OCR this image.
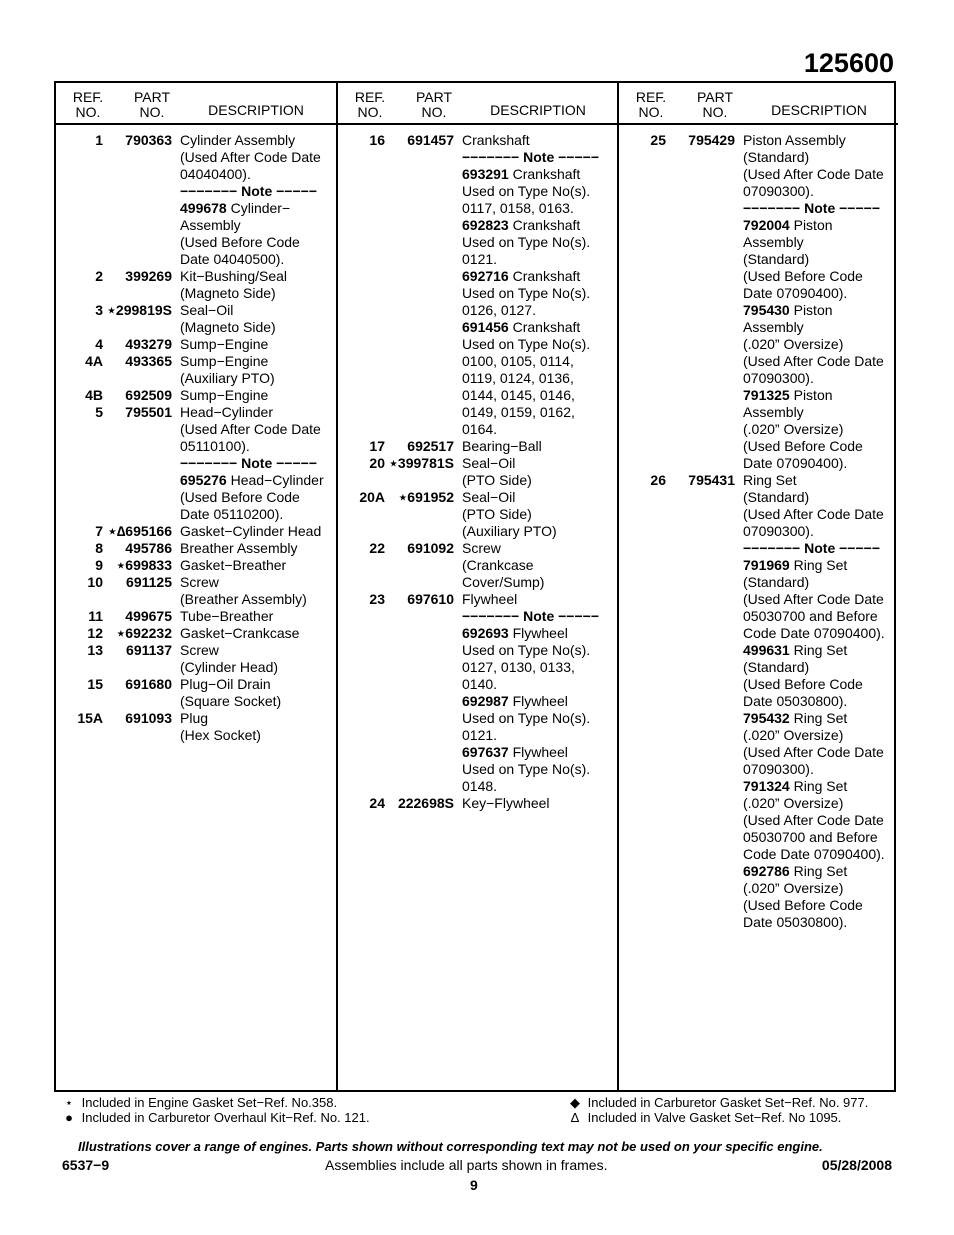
125600
REF.
NO.
PART
NO.	DESCRIPTION
1	790363 Cylinder Assembly
(Used After Code Date
04040400).
−−−−−−− Note −−−−−
499678 Cylinder−
Assembly
(Used Before Code
Date 04040500).
2	399269 Kit−Bushing/Seal
(Magneto Side)
3 ⋆299819S Seal−Oil
(Magneto Side)
4	493279 Sump−Engine
4A	493365 Sump−Engine
(Auxiliary PTO)
4B	692509 Sump−Engine
5	795501 Head−Cylinder
(Used After Code Date
05110100).
−−−−−−− Note −−−−−
695276 Head−Cylinder
(Used Before Code
Date 05110200).
7 ⋆∆695166 Gasket−Cylinder Head
8	495786 Breather Assembly
9 ⋆699833 Gasket−Breather
10	691125 Screw
(Breather Assembly)
11	499675 Tube−Breather
12 ⋆692232 Gasket−Crankcase
13	691137 Screw
(Cylinder Head)
15	691680 Plug−Oil Drain
(Square Socket)
15A	691093 Plug
(Hex Socket)
REF.
NO.
PART
NO.	DESCRIPTION
16	691457 Crankshaft
−−−−−−− Note −−−−−
693291 Crankshaft
Used on Type No(s).
0117, 0158, 0163.
692823 Crankshaft
Used on Type No(s).
0121.
692716 Crankshaft
Used on Type No(s).
0126, 0127.
691456 Crankshaft
Used on Type No(s).
0100, 0105, 0114,
0119, 0124, 0136,
0144, 0145, 0146,
0149, 0159, 0162,
0164.
17	692517 Bearing−Ball
20 ⋆399781S Seal−Oil
(PTO Side)
20A ⋆691952 Seal−Oil
(PTO Side)
(Auxiliary PTO)
22	691092 Screw
(Crankcase
Cover/Sump)
23	697610 Flywheel
−−−−−−− Note −−−−−
692693 Flywheel
Used on Type No(s).
0127, 0130, 0133,
0140.
692987 Flywheel
Used on Type No(s).
0121.
697637 Flywheel
Used on Type No(s).
0148.
24 222698S Key−Flywheel
REF.
NO.
PART
NO.	DESCRIPTION
25	795429 Piston Assembly
(Standard)
(Used After Code Date
07090300).
−−−−−−− Note −−−−−
792004 Piston
Assembly
(Standard)
(Used Before Code
Date 07090400).
795430 Piston
Assembly
(.020” Oversize)
(Used After Code Date
07090300).
791325 Piston
Assembly
(.020” Oversize)
(Used Before Code
Date 07090400).
26	795431 Ring Set
(Standard)
(Used After Code Date
07090300).
−−−−−−− Note −−−−−
791969 Ring Set
(Standard)
(Used After Code Date
05030700 and Before
Code Date 07090400).
499631 Ring Set
(Standard)
(Used Before Code
Date 05030800).
795432 Ring Set
(.020” Oversize)
(Used After Code Date
07090300).
791324 Ring Set
(.020” Oversize)
(Used After Code Date
05030700 and Before
Code Date 07090400).
692786 Ring Set
(.020” Oversize)
(Used Before Code
Date 05030800).
⋆ Included in Engine Gasket Set−Ref. No.358.
● Included in Carburetor Overhaul Kit−Ref. No. 121.
◆ Included in Carburetor Gasket Set−Ref. No. 977.
∆ Included in Valve Gasket Set−Ref. No 1095.
Illustrations cover a range of engines. Parts shown without corresponding text may not be used on your specific engine.
6537−9	Assemblies include all parts shown in frames.	05/28/2008
9
